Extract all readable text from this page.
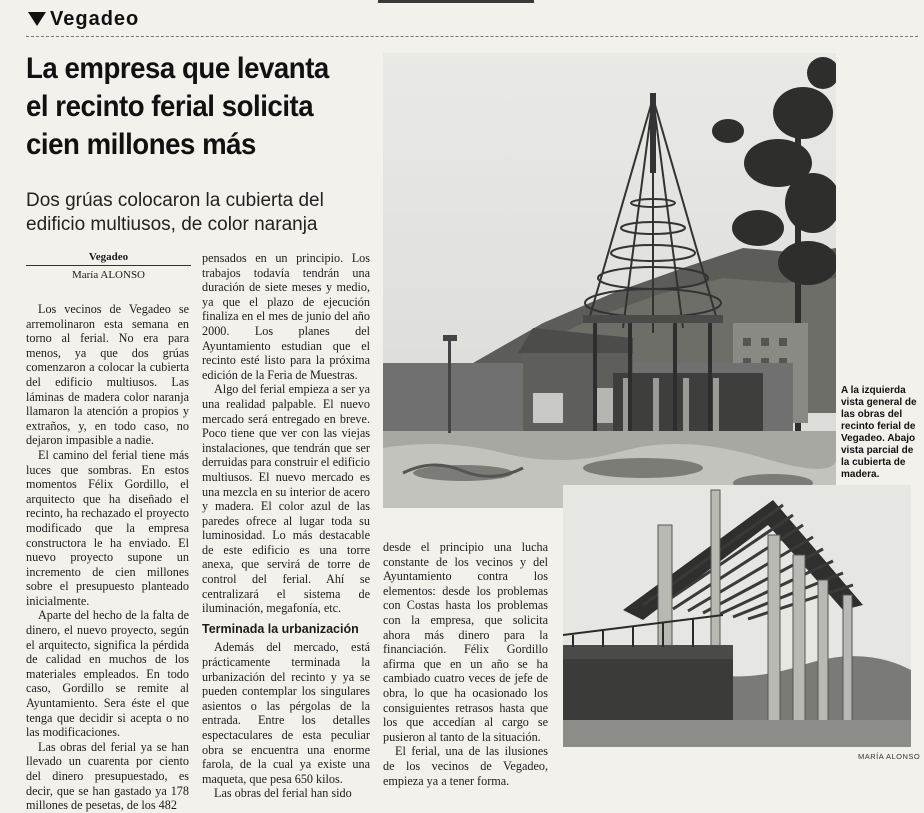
Vegadeo
La empresa que levanta el recinto ferial solicita cien millones más
Dos grúas colocaron la cubierta del edificio multiusos, de color naranja
Vegadeo
María ALONSO

Los vecinos de Vegadeo se arremolinaron esta semana en torno al ferial. No era para menos, ya que dos grúas comenzaron a colocar la cubierta del edificio multiusos. Las láminas de madera color naranja llamaron la atención a propios y extraños, y, en todo caso, no dejaron impasible a nadie.

El camino del ferial tiene más luces que sombras. En estos momentos Félix Gordillo, el arquitecto que ha diseñado el recinto, ha rechazado el proyecto modificado que la empresa constructora le ha enviado. El nuevo proyecto supone un incremento de cien millones sobre el presupuesto planteado inicialmente.

Aparte del hecho de la falta de dinero, el nuevo proyecto, según el arquitecto, significa la pérdida de calidad en muchos de los materiales empleados. En todo caso, Gordillo se remite al Ayuntamiento. Sera éste el que tenga que decidir si acepta o no las modificaciones.

Las obras del ferial ya se han llevado un cuarenta por ciento del dinero presupuestado, es decir, que se han gastado ya 178 millones de pesetas, de los 482

pensados en un principio. Los trabajos todavía tendrán una duración de siete meses y medio, ya que el plazo de ejecución finaliza en el mes de junio del año 2000. Los planes del Ayuntamiento estudian que el recinto esté listo para la próxima edición de la Feria de Muestras.

Algo del ferial empieza a ser ya una realidad palpable. El nuevo mercado será entregado en breve. Poco tiene que ver con las viejas instalaciones, que tendrán que ser derruidas para construir el edificio multiusos. El nuevo mercado es una mezcla en su interior de acero y madera. El color azul de las paredes ofrece al lugar toda su luminosidad. Lo más destacable de este edificio es una torre anexa, que servirá de torre de control del ferial. Ahí se centralizará el sistema de iluminación, megafonía, etc.

Terminada la urbanización

Además del mercado, está prácticamente terminada la urbanización del recinto y ya se pueden contemplar los singulares asientos o las pérgolas de la entrada. Entre los detalles espectaculares de esta peculiar obra se encuentra una enorme farola, de la cual ya existe una maqueta, que pesa 650 kilos.

Las obras del ferial han sido

desde el principio una lucha constante de los vecinos y del Ayuntamiento contra los elementos: desde los problemas con Costas hasta los problemas con la empresa, que solicita ahora más dinero para la financiación. Félix Gordillo afirma que en un año se ha cambiado cuatro veces de jefe de obra, lo que ha ocasionado los consiguientes retrasos hasta que los que accedían al cargo se pusieron al tanto de la situación.

El ferial, una de las ilusiones de los vecinos de Vegadeo, empieza ya a tener forma.

A la izquierda vista general de las obras del recinto ferial de Vegadeo. Abajo vista parcial de la cubierta de madera.
MARÍA ALONSO
